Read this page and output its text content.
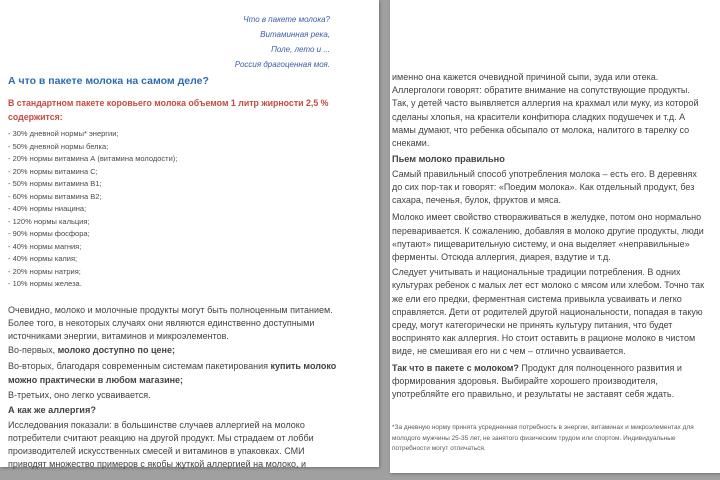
Что в пакете молока?
Витаминная река,
Поле, лето и ...
Россия драгоценная моя.
А что в пакете молока на самом деле?

В стандартном пакете коровьего молока объемом 1 литр жирности 2,5 % содержится:

- 30% дневной нормы* энергии;
- 50% дневной нормы белка;
- 20% нормы витамина А (витамина молодости);
- 20% нормы витамина С;
- 50% нормы витамина В1;
- 60% нормы витамина В2;
- 40% нормы ниацина;
- 120% нормы кальция;
- 90% нормы фосфора;
- 40% нормы магния;
- 40% нормы калия;
- 20% нормы натрия;
- 10% нормы железа.

Очевидно, молоко и молочные продукты могут быть полноценным питанием. Более того, в некоторых случаях они являются единственно доступными источниками энергии, витаминов и микроэлементов.

Во-первых, молоко доступно по цене;

Во-вторых, благодаря современным системам пакетирования купить молоко можно практически в любом магазине;

В-третьих, оно легко усваивается.

А как же аллергия?

Исследования показали: в большинстве случаев аллергией на молоко потребители считают реакцию на другой продукт. Мы страдаем от лобби производителей искусственных смесей и витаминов в упаковках. СМИ приводят множество примеров с якобы жуткой аллергией на молоко, и

именно она кажется очевидной причиной сыпи, зуда или отека. Аллергологи говорят: обратите внимание на сопутствующие продукты. Так, у детей часто выявляется аллергия на крахмал или муку, из которой сделаны хлопья, на красители конфитюра сладких подушечек и т.д. А мамы думают, что ребенка обсыпало от молока, налитого в тарелку со снеками.

Пьем молоко правильно

Самый правильный способ употребления молока – есть его. В деревнях до сих пор-так и говорят: «Поедим молока». Как отдельный продукт, без сахара, печенья, булок, фруктов и мяса.

Молоко имеет свойство створаживаться в желудке, потом оно нормально переваривается. К сожалению, добавляя в молоко другие продукты, люди «путают» пищеварительную систему, и она выделяет «неправильные» ферменты. Отсюда аллергия, диарея, вздутие и т.д.

Следует учитывать и национальные традиции потребления. В одних культурах ребенок с малых лет ест молоко с мясом или хлебом. Точно так же ели его предки, ферментная система привыкла усваивать и легко справляется. Дети от родителей другой национальности, попадая в такую среду, могут категорически не принять культуру питания, что будет воспринято как аллергия. Но стоит оставить в рационе молоко в чистом виде, не смешивая его ни с чем – отлично усваивается.

Так что в пакете с молоком? Продукт для полноценного развития и формирования здоровья. Выбирайте хорошего производителя, употребляйте его правильно, и результаты не заставят себя ждать.

*За дневную норму принята усредненная потребность в энергии, витаминах и микроэлементах для молодого мужчины 25-35 лет, не занятого физическим трудом или спортом. Индивидуальные потребности могут отличаться.
